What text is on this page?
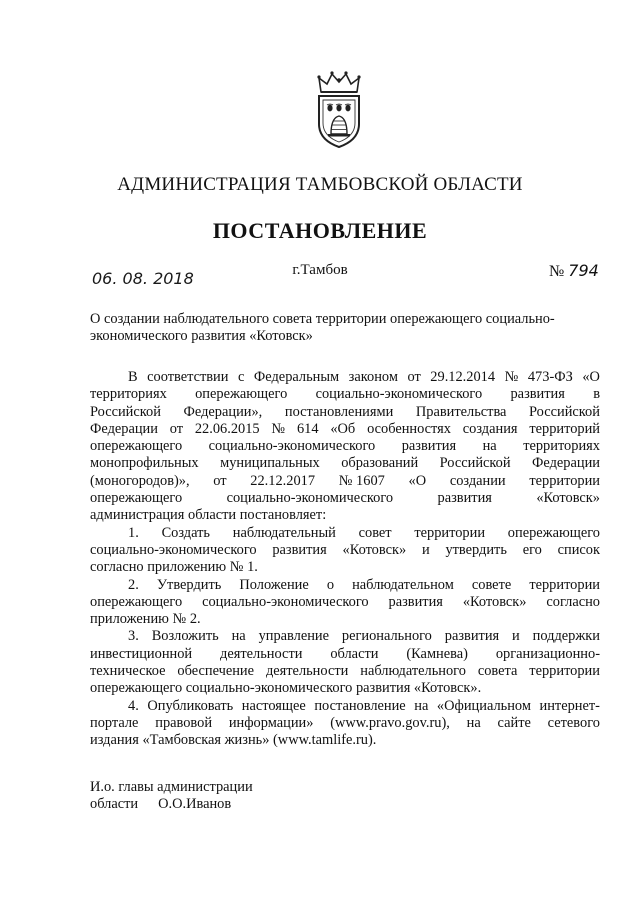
АДМИНИСТРАЦИЯ ТАМБОВСКОЙ ОБЛАСТИ
ПОСТАНОВЛЕНИЕ
06. 08. 2018	г.Тамбов	№ 794
О создании наблюдательного совета территории опережающего социально-
экономического развития «Котовск»
В соответствии с Федеральным законом от 29.12.2014 № 473-ФЗ «О
территориях опережающего социально-экономического развития в
Российской Федерации», постановлениями Правительства Российской
Федерации от 22.06.2015 № 614 «Об особенностях создания территорий
опережающего социально-экономического развития на территориях
монопрофильных муниципальных образований Российской Федерации
(моногородов)», от 22.12.2017 № 1607 «О создании территории
опережающего	социально-экономического	развития	«Котовск»
администрация области постановляет:
1. Создать наблюдательный совет территории опережающего
социально-экономического развития «Котовск» и утвердить его список
согласно приложению № 1.
2. Утвердить Положение о наблюдательном совете территории
опережающего социально-экономического развития «Котовск» согласно
приложению № 2.
3. Возложить на управление регионального развития и поддержки
инвестиционной деятельности области (Камнева) организационно-
техническое обеспечение деятельности наблюдательного совета территории
опережающего социально-экономического развития «Котовск».
4. Опубликовать настоящее постановление на «Официальном интернет-
портале правовой информации» (www.pravo.gov.ru), на сайте сетевого
издания «Тамбовская жизнь» (www.tamlife.ru).
И.о. главы администрации
области О.О.Иванов
